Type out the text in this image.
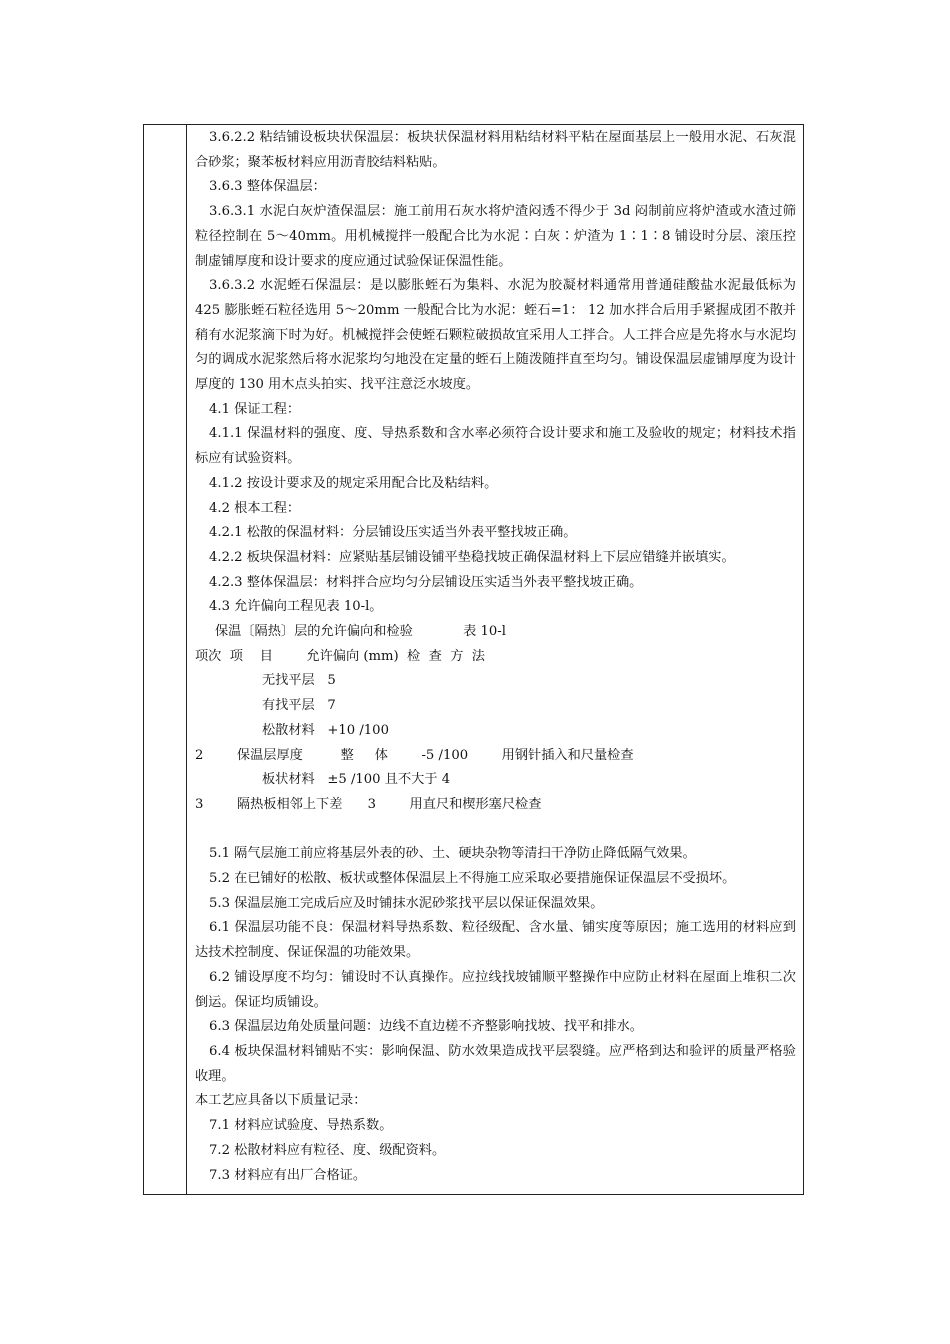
3.6.2.2 粘结铺设板块状保温层：板块状保温材料用粘结材料平粘在屋面基层上一般用水泥、石灰混合砂浆；聚苯板材料应用沥青胶结料粘贴。

3.6.3 整体保温层：

3.6.3.1 水泥白灰炉渣保温层：施工前用石灰水将炉渣闷透不得少于 3d 闷制前应将炉渣或水渣过筛粒径控制在 5～40mm。用机械搅拌一般配合比为水泥∶白灰∶炉渣为 1∶1∶8 铺设时分层、滚压控制虚铺厚度和设计要求的度应通过试验保证保温性能。

3.6.3.2 水泥蛭石保温层：是以膨胀蛭石为集料、水泥为胶凝材料通常用普通硅酸盐水泥最低标为 425 膨胀蛭石粒径选用 5～20mm 一般配合比为水泥：蛭石=1： 12 加水拌合后用手紧握成团不散并稍有水泥浆滴下时为好。机械搅拌会使蛭石颗粒破损故宜采用人工拌合。人工拌合应是先将水与水泥均匀的调成水泥浆然后将水泥浆均匀地没在定量的蛭石上随泼随拌直至均匀。铺设保温层虚铺厚度为设计厚度的 130 用木点头拍实、找平注意泛水坡度。

4.1 保证工程：

4.1.1 保温材料的强度、度、导热系数和含水率必须符合设计要求和施工及验收的规定；材料技术指标应有试验资料。

4.1.2 按设计要求及的规定采用配合比及粘结料。

4.2 根本工程：

4.2.1 松散的保温材料：分层铺设压实适当外表平整找坡正确。

4.2.2 板块保温材料：应紧贴基层铺设铺平垫稳找坡正确保温材料上下层应错缝并嵌填实。

4.2.3 整体保温层：材料拌合应均匀分层铺设压实适当外表平整找坡正确。

4.3 允许偏向工程见表 10-l。

保温〔隔热〕层的允许偏向和检验            表 10-l

项次  项    目        允许偏向 (mm)  检  查  方  法

无找平层   5

有找平层   7

松散材料   +10 /100

2        保温层厚度         整     体        -5 /100        用钢针插入和尺量检查

板状材料   ±5 /100 且不大于 4

3        隔热板相邻上下差      3        用直尺和楔形塞尺检查

5.1 隔气层施工前应将基层外表的砂、土、硬块杂物等清扫干净防止降低隔气效果。

5.2 在已铺好的松散、板状或整体保温层上不得施工应采取必要措施保证保温层不受损坏。

5.3 保温层施工完成后应及时铺抹水泥砂浆找平层以保证保温效果。

6.1 保温层功能不良：保温材料导热系数、粒径级配、含水量、铺实度等原因；施工选用的材料应到达技术控制度、保证保温的功能效果。

6.2 铺设厚度不均匀：铺设时不认真操作。应拉线找坡铺顺平整操作中应防止材料在屋面上堆积二次倒运。保证均质铺设。

6.3 保温层边角处质量问题：边线不直边槎不齐整影响找坡、找平和排水。

6.4 板块保温材料铺贴不实：影响保温、防水效果造成找平层裂缝。应严格到达和验评的质量严格验收理。

本工艺应具备以下质量记录：

7.1 材料应试验度、导热系数。

7.2 松散材料应有粒径、度、级配资料。

7.3 材料应有出厂合格证。
